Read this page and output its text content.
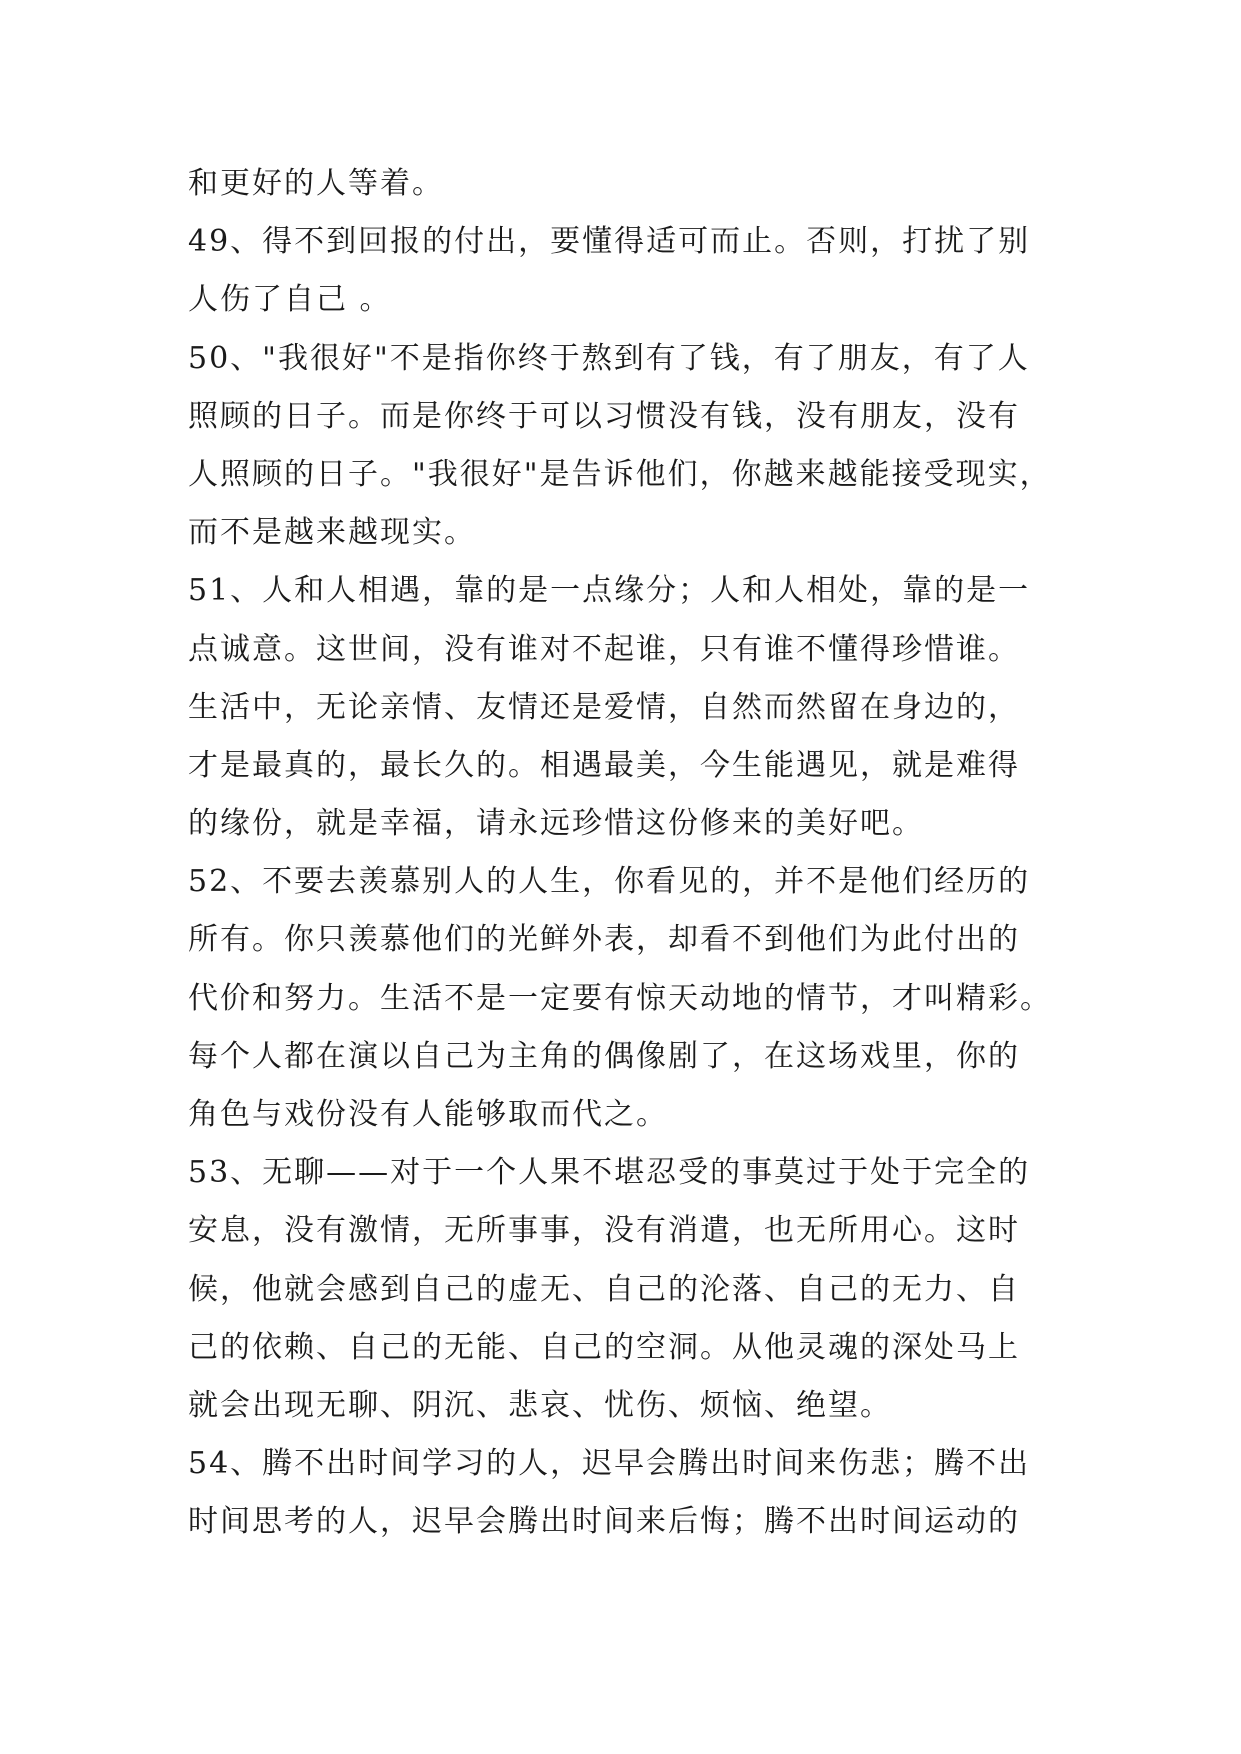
和更好的人等着。
49、得不到回报的付出，要懂得适可而止。否则，打扰了别
人伤了自己 。
50、"我很好"不是指你终于熬到有了钱，有了朋友，有了人
照顾的日子。而是你终于可以习惯没有钱，没有朋友，没有
人照顾的日子。"我很好"是告诉他们，你越来越能接受现实，
而不是越来越现实。
51、人和人相遇，靠的是一点缘分；人和人相处，靠的是一
点诚意。这世间，没有谁对不起谁，只有谁不懂得珍惜谁。
生活中，无论亲情、友情还是爱情，自然而然留在身边的，
才是最真的，最长久的。相遇最美，今生能遇见，就是难得
的缘份，就是幸福，请永远珍惜这份修来的美好吧。
52、不要去羡慕别人的人生，你看见的，并不是他们经历的
所有。你只羡慕他们的光鲜外表，却看不到他们为此付出的
代价和努力。生活不是一定要有惊天动地的情节，才叫精彩。
每个人都在演以自己为主角的偶像剧了，在这场戏里，你的
角色与戏份没有人能够取而代之。
53、无聊——对于一个人果不堪忍受的事莫过于处于完全的
安息，没有激情，无所事事，没有消遣，也无所用心。这时
候，他就会感到自己的虚无、自己的沦落、自己的无力、自
己的依赖、自己的无能、自己的空洞。从他灵魂的深处马上
就会出现无聊、阴沉、悲哀、忧伤、烦恼、绝望。
54、腾不出时间学习的人，迟早会腾出时间来伤悲；腾不出
时间思考的人，迟早会腾出时间来后悔；腾不出时间运动的
